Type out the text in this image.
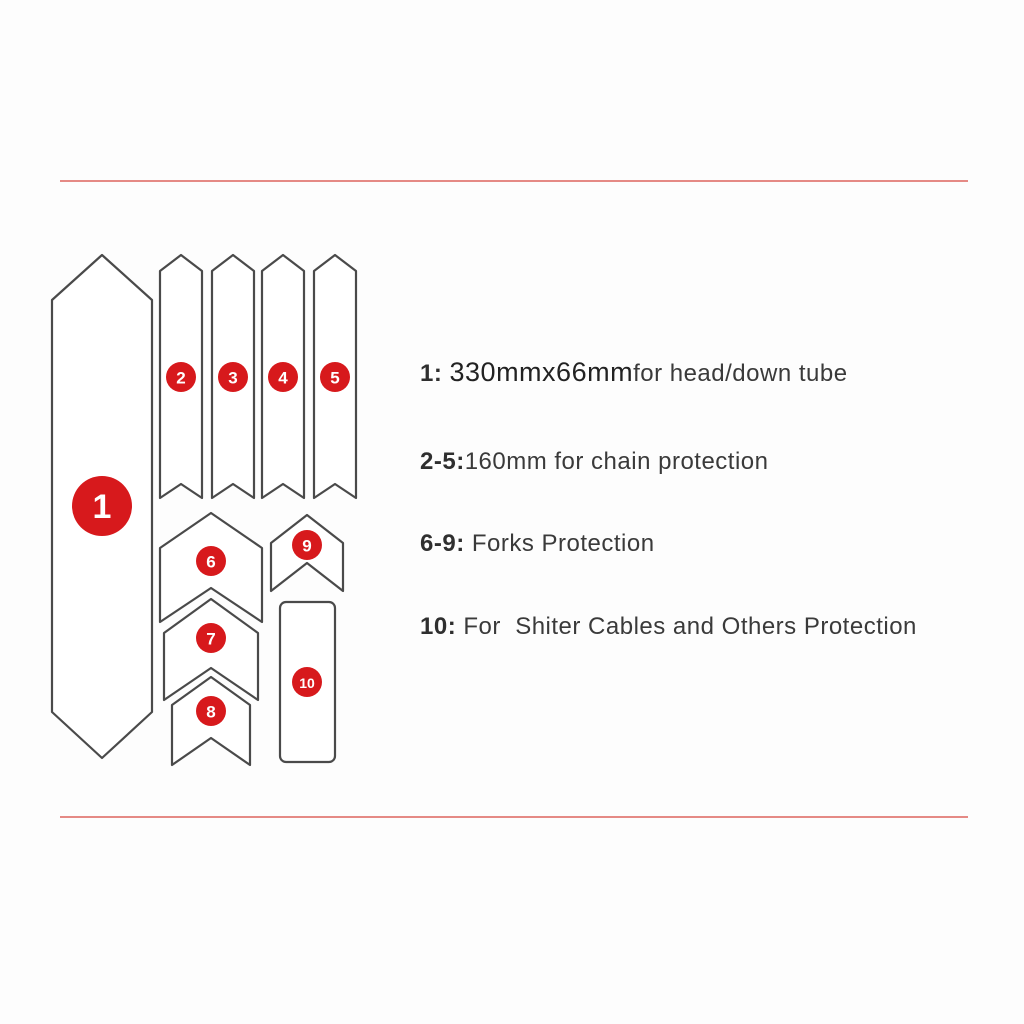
1
2	3 4	5
6
7
8
9
10
1: 330mmx66mmfor head/down tube
2-5:160mm for chain protection
6-9: Forks Protection
10: For  Shiter Cables and Others Protection
